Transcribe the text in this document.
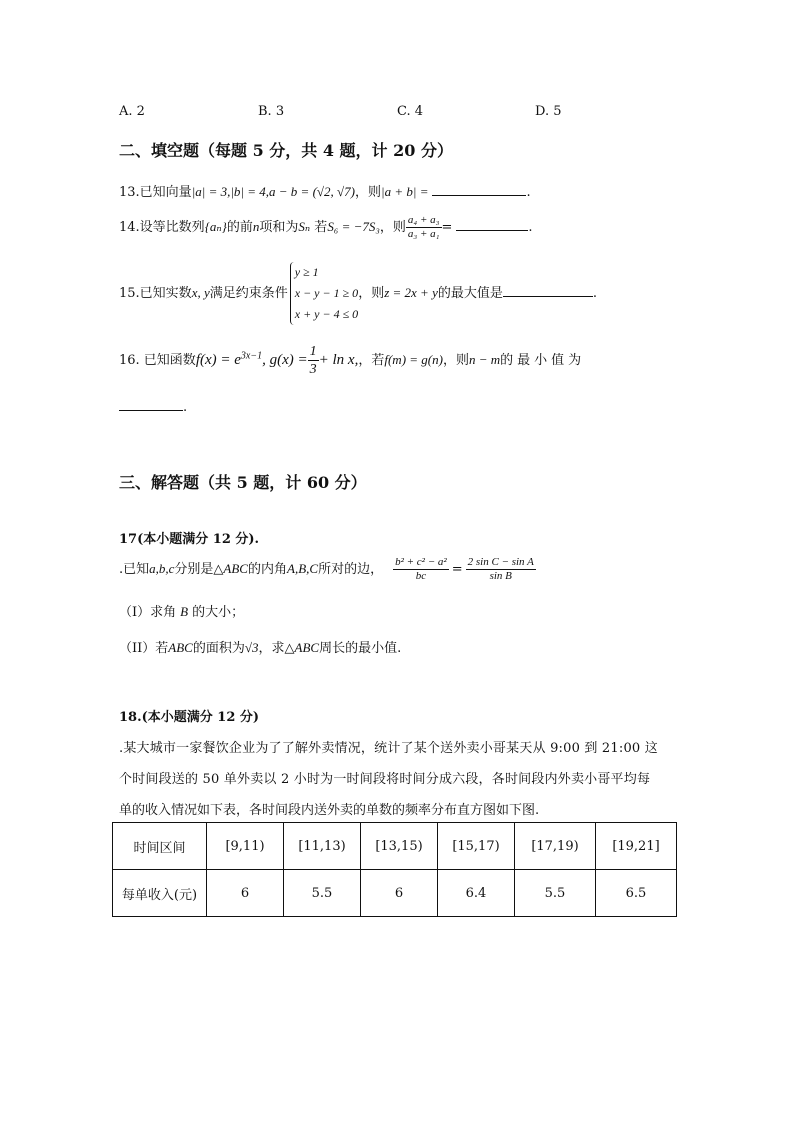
A. 2	B. 3	C. 4	D. 5
二、填空题（每题 5 分，共 4 题，计 20 分）
13.已知向量|a| = 3,|b| = 4,a − b = (√2, √7)，则|a + b| =	.
14.设等比数列{aₙ}的前n项和为Sₙ 若S₆ = −7S₃，则 $\frac{\text{a₄ + a₃}}{\text{a₃ + a₁}}$ =	.
15.已知实数x, y满足约束条件
y ≥ 1
x − y − 1 ≥ 0
x + y − 4 ≤ 0
，则z = 2x + y的最大值是	.
16. 已知函数$f(x) = e^{3x-1}$, $g(x) = \frac{1}{3} + \ln x$,，若f(m) = g(n)，则n − m的最小值为
.
三、解答题（共 5 题，计 60 分）
17(本小题满分 12 分).
.已知a,b,c分别是△ABC的内角A,B,C所对的边， $\frac{\text{b² + c² − a²}}{bc} = \frac{\text{2 sin C − sin A}}{\text{sin B}}$
（I）求角 B 的大小；
（II）若ABC的面积为√3，求△ABC周长的最小值.
18.(本小题满分 12 分)
.某大城市一家餐饮企业为了了解外卖情况，统计了某个送外卖小哥某天从 9:00 到 21:00 这
个时间段送的 50 单外卖以 2 小时为一时间段将时间分成六段，各时间段内外卖小哥平均每
单的收入情况如下表，各时间段内送外卖的单数的频率分布直方图如下图.
时间区间	[9,11)	[11,13)	[13,15)	[15,17)	[17,19)	[19,21]
每单收入(元)	6	5.5	6	6.4	5.5	6.5
